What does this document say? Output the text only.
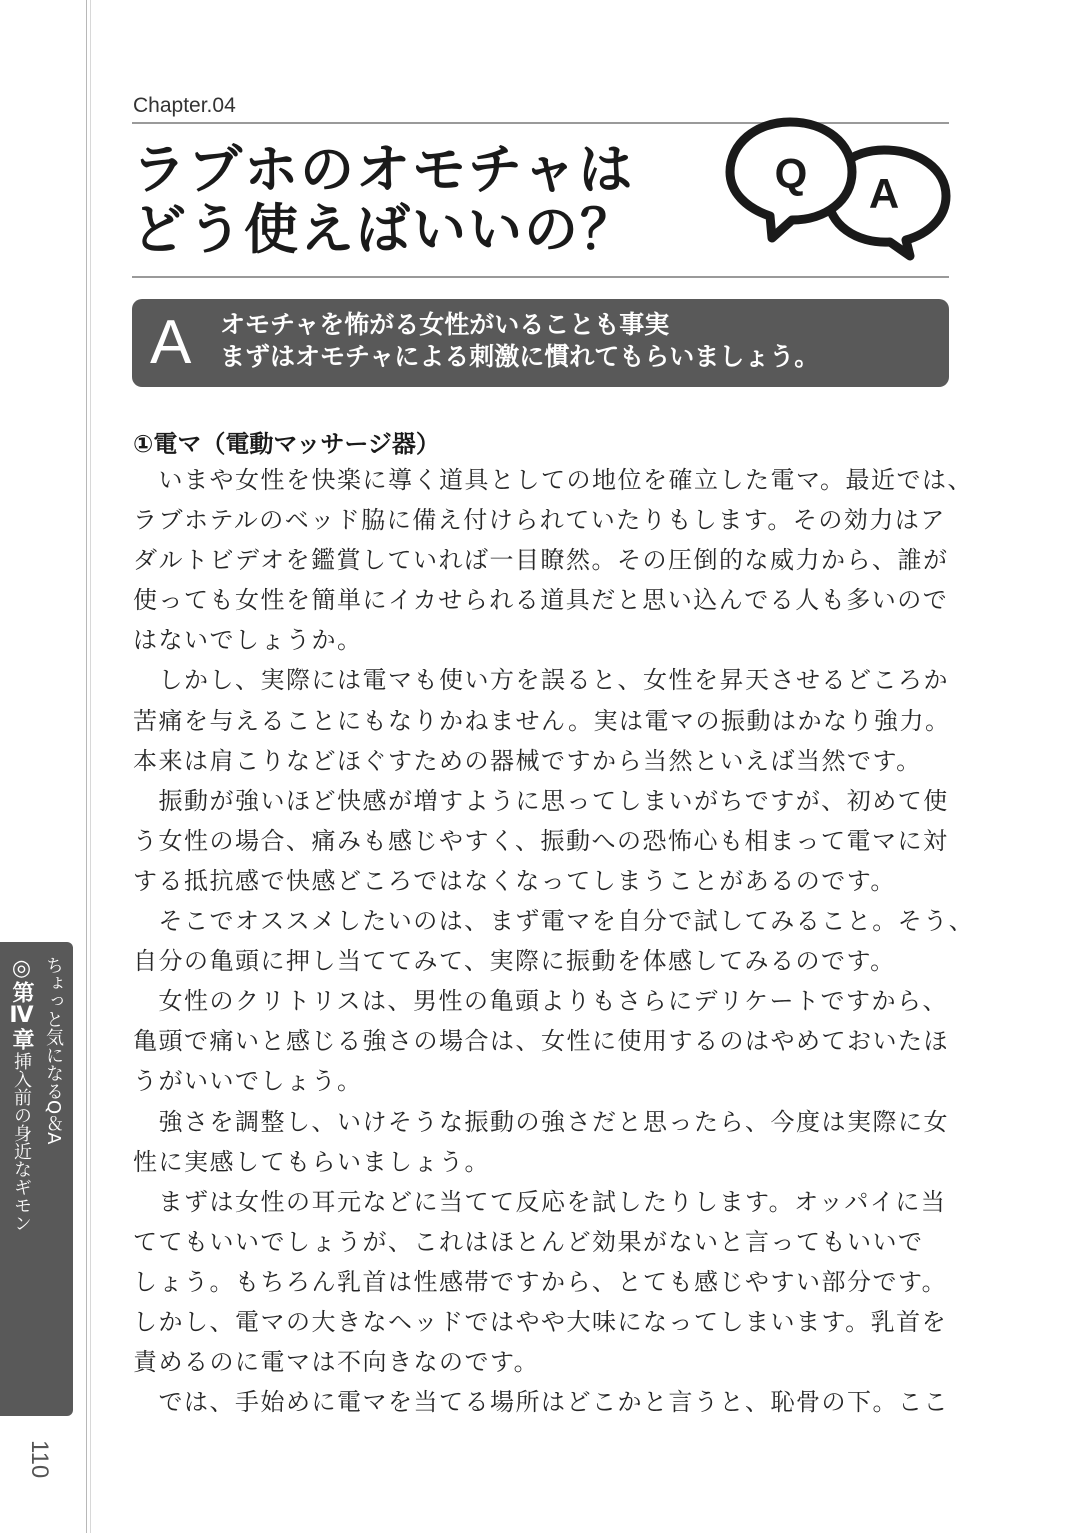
Chapter.04
ラブホのオモチャは
どう使えばいいの？
A
Q
A オモチャを怖がる女性がいることも事実
まずはオモチャによる刺激に慣れてもらいましょう。
①電マ（電動マッサージ器）
　いまや女性を快楽に導く道具としての地位を確立した電マ。最近では、
ラブホテルのベッド脇に備え付けられていたりもします。その効力はア
ダルトビデオを鑑賞していれば一目瞭然。その圧倒的な威力から、誰が
使っても女性を簡単にイカせられる道具だと思い込んでる人も多いので
はないでしょうか。
　しかし、実際には電マも使い方を誤ると、女性を昇天させるどころか
苦痛を与えることにもなりかねません。実は電マの振動はかなり強力。
本来は肩こりなどほぐすための器械ですから当然といえば当然です。
　振動が強いほど快感が増すように思ってしまいがちですが、初めて使
う女性の場合、痛みも感じやすく、振動への恐怖心も相まって電マに対
する抵抗感で快感どころではなくなってしまうことがあるのです。
　そこでオススメしたいのは、まず電マを自分で試してみること。そう、
自分の亀頭に押し当ててみて、実際に振動を体感してみるのです。
　女性のクリトリスは、男性の亀頭よりもさらにデリケートですから、
亀頭で痛いと感じる強さの場合は、女性に使用するのはやめておいたほ
うがいいでしょう。
　強さを調整し、いけそうな振動の強さだと思ったら、今度は実際に女
性に実感してもらいましょう。
　まずは女性の耳元などに当てて反応を試したりします。オッパイに当
ててもいいでしょうが、これはほとんど効果がないと言ってもいいで
しょう。もちろん乳首は性感帯ですから、とても感じやすい部分です。
しかし、電マの大きなヘッドではやや大味になってしまいます。乳首を
責めるのに電マは不向きなのです。
　では、手始めに電マを当てる場所はどこかと言うと、恥骨の下。ここ
◎第Ⅳ章挿入前の身近なギモン ちょっと気になるQ＆A
110
